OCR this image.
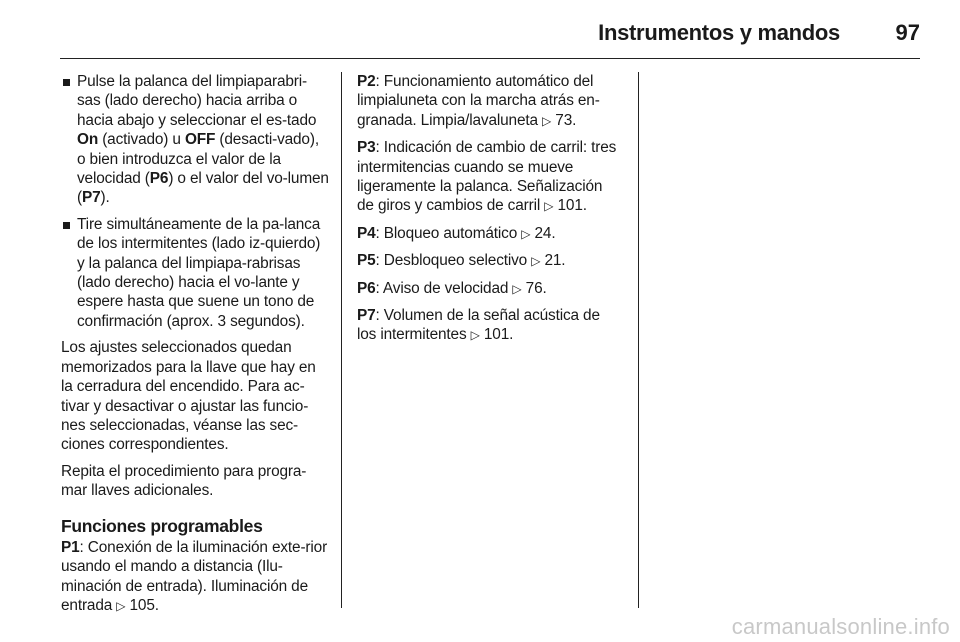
Instrumentos y mandos	97

Pulse la palanca del limpiaparabri-sas (lado derecho) hacia arriba o hacia abajo y seleccionar el es-tado On (activado) u OFF (desacti-vado), o bien introduzca el valor de la velocidad (P6) o el valor del vo-lumen (P7).

Tire simultáneamente de la pa-lanca de los intermitentes (lado iz-quierdo) y la palanca del limpiapa-rabrisas (lado derecho) hacia el vo-lante y espere hasta que suene un tono de confirmación (aprox. 3 segundos).

Los ajustes seleccionados quedan memorizados para la llave que hay en la cerradura del encendido. Para ac-tivar y desactivar o ajustar las funcio-nes seleccionadas, véanse las sec-ciones correspondientes.

Repita el procedimiento para progra-mar llaves adicionales.

Funciones programables

P1: Conexión de la iluminación exte-rior usando el mando a distancia (Ilu-minación de entrada). Iluminación de entrada ▷ 105.

P2: Funcionamiento automático del limpialuneta con la marcha atrás en-granada. Limpia/lavaluneta ▷ 73.

P3: Indicación de cambio de carril: tres intermitencias cuando se mueve ligeramente la palanca. Señalización de giros y cambios de carril ▷ 101.

P4: Bloqueo automático ▷ 24.

P5: Desbloqueo selectivo ▷ 21.

P6: Aviso de velocidad ▷ 76.

P7: Volumen de la señal acústica de los intermitentes ▷ 101.

carmanualsonline.info
